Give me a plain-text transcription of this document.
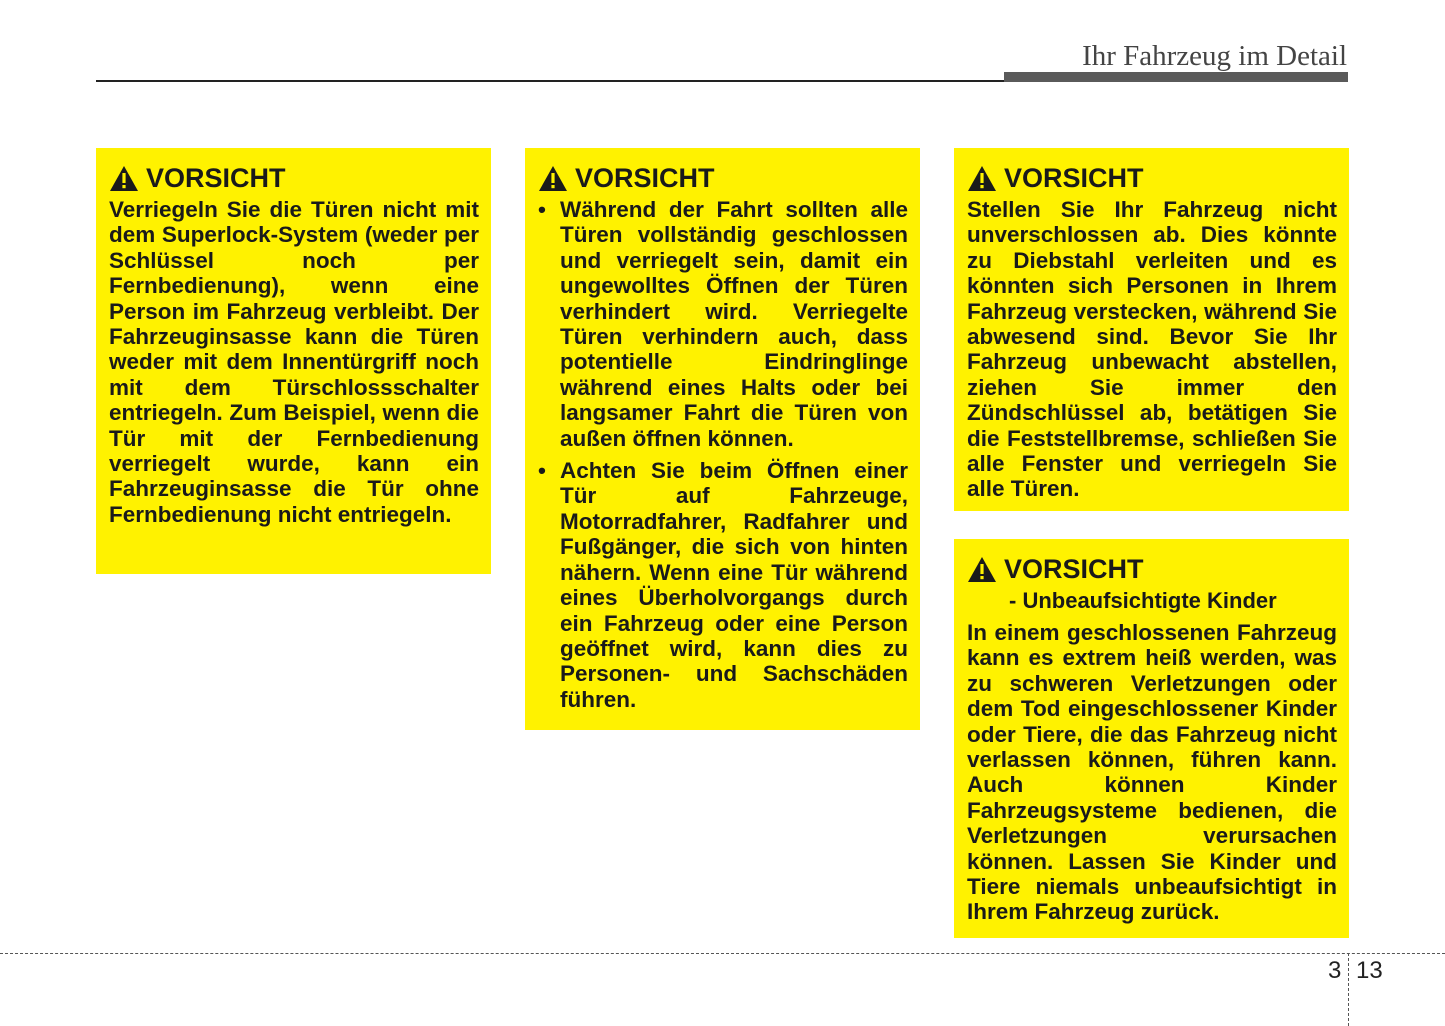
Ihr Fahrzeug im Detail
VORSICHT
Verriegeln Sie die Türen nicht mit dem Superlock-System (weder per Schlüssel noch per Fernbedienung), wenn eine Person im Fahrzeug verbleibt. Der Fahrzeuginsasse kann die Türen weder mit dem Innentürgriff noch mit dem Türschlossschalter entriegeln. Zum Beispiel, wenn die Tür mit der Fernbedienung verriegelt wurde, kann ein Fahrzeuginsasse die Tür ohne Fernbedienung nicht entriegeln.
VORSICHT
• Während der Fahrt sollten alle Türen vollständig geschlossen und verriegelt sein, damit ein ungewolltes Öffnen der Türen verhindert wird. Verriegelte Türen verhindern auch, dass potentielle Eindringlinge während eines Halts oder bei langsamer Fahrt die Türen von außen öffnen können.
• Achten Sie beim Öffnen einer Tür auf Fahrzeuge, Motorradfahrer, Radfahrer und Fußgänger, die sich von hinten nähern. Wenn eine Tür während eines Überholvorgangs durch ein Fahrzeug oder eine Person geöffnet wird, kann dies zu Personen- und Sachschäden führen.
VORSICHT
Stellen Sie Ihr Fahrzeug nicht unverschlossen ab. Dies könnte zu Diebstahl verleiten und es könnten sich Personen in Ihrem Fahrzeug verstecken, während Sie abwesend sind. Bevor Sie Ihr Fahrzeug unbewacht abstellen, ziehen Sie immer den Zündschlüssel ab, betätigen Sie die Feststellbremse, schließen Sie alle Fenster und verriegeln Sie alle Türen.
VORSICHT
- Unbeaufsichtigte Kinder
In einem geschlossenen Fahrzeug kann es extrem heiß werden, was zu schweren Verletzungen oder dem Tod eingeschlossener Kinder oder Tiere, die das Fahrzeug nicht verlassen können, führen kann. Auch können Kinder Fahrzeugsysteme bedienen, die Verletzungen verursachen können. Lassen Sie Kinder und Tiere niemals unbeaufsichtigt in Ihrem Fahrzeug zurück.
3 13
